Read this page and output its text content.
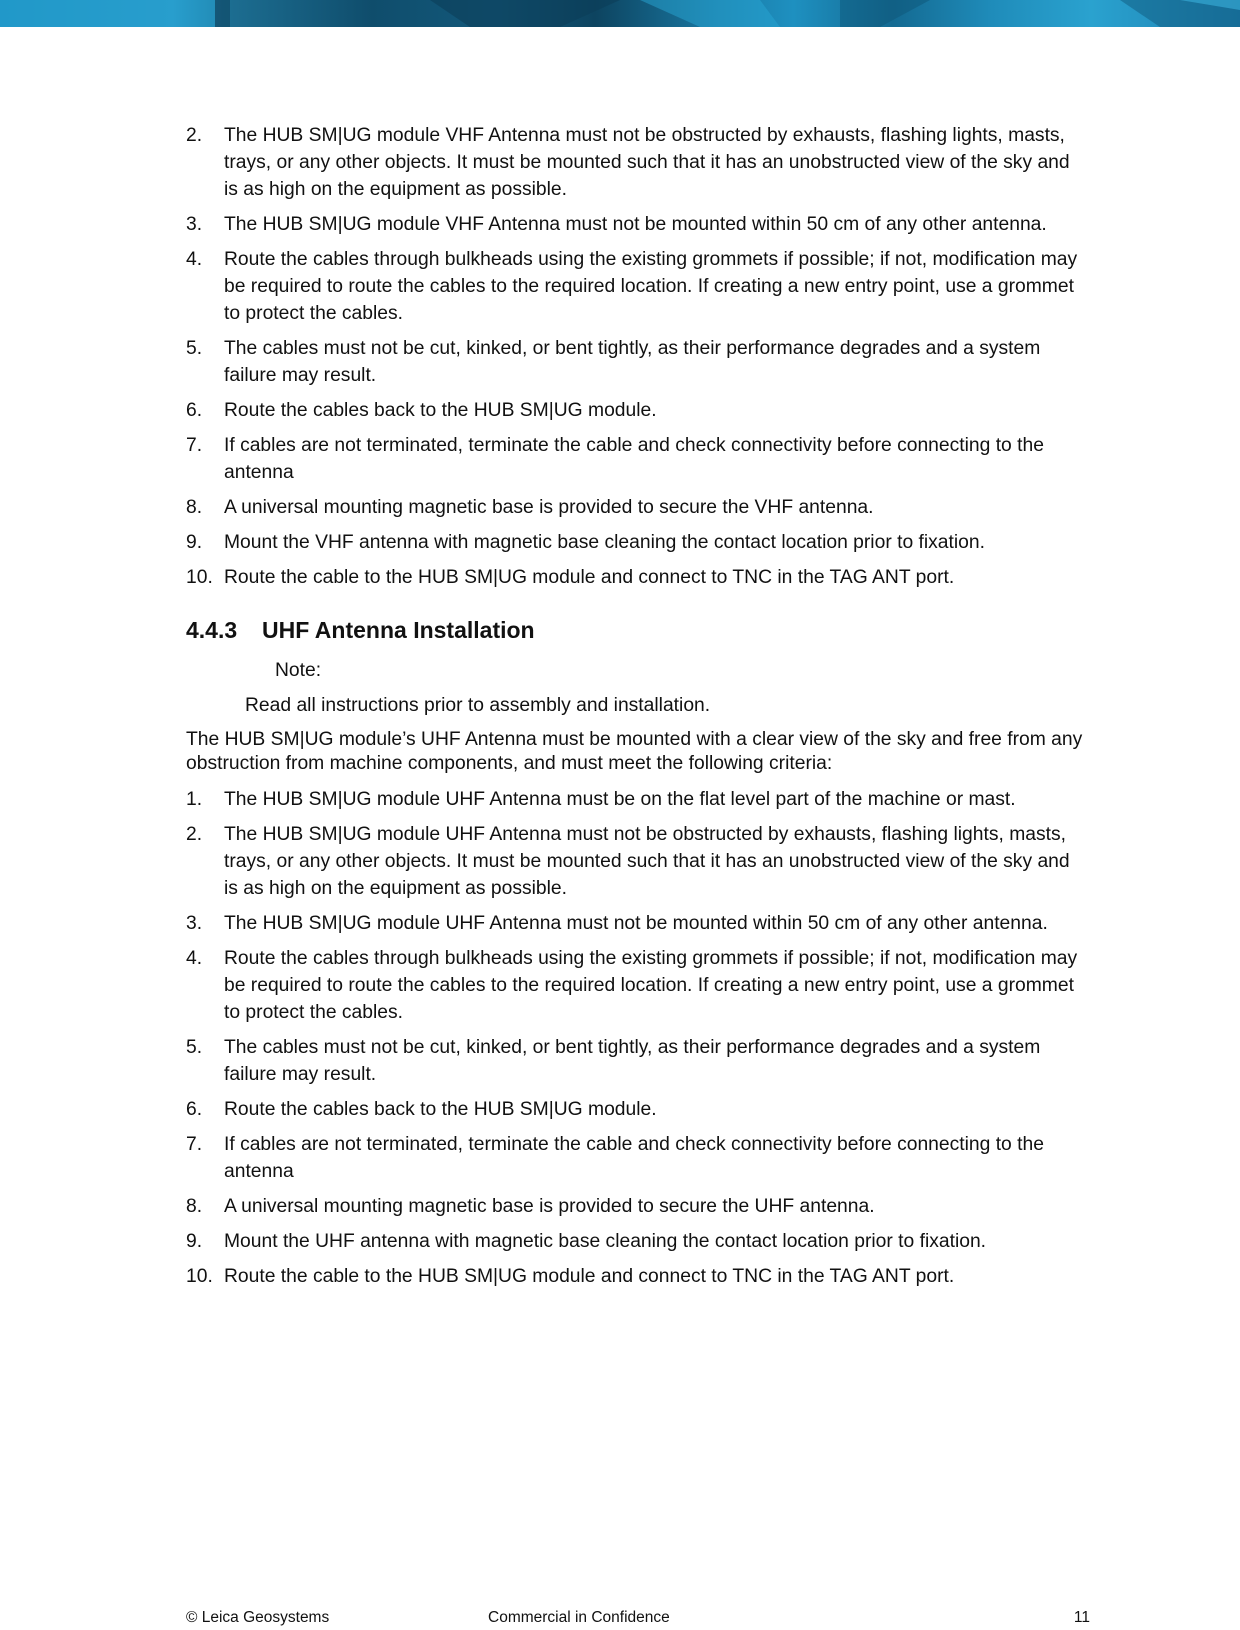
2. The HUB SM|UG module VHF Antenna must not be obstructed by exhausts, flashing lights, masts, trays, or any other objects. It must be mounted such that it has an unobstructed view of the sky and is as high on the equipment as possible.
3. The HUB SM|UG module VHF Antenna must not be mounted within 50 cm of any other antenna.
4. Route the cables through bulkheads using the existing grommets if possible; if not, modification may be required to route the cables to the required location. If creating a new entry point, use a grommet to protect the cables.
5. The cables must not be cut, kinked, or bent tightly, as their performance degrades and a system failure may result.
6. Route the cables back to the HUB SM|UG module.
7. If cables are not terminated, terminate the cable and check connectivity before connecting to the antenna
8. A universal mounting magnetic base is provided to secure the VHF antenna.
9. Mount the VHF antenna with magnetic base cleaning the contact location prior to fixation.
10. Route the cable to the HUB SM|UG module and connect to TNC in the TAG ANT port.
4.4.3 UHF Antenna Installation
Note:
Read all instructions prior to assembly and installation.

The HUB SM|UG module’s UHF Antenna must be mounted with a clear view of the sky and free from any obstruction from machine components, and must meet the following criteria:

1. The HUB SM|UG module UHF Antenna must be on the flat level part of the machine or mast.
2. The HUB SM|UG module UHF Antenna must not be obstructed by exhausts, flashing lights, masts, trays, or any other objects. It must be mounted such that it has an unobstructed view of the sky and is as high on the equipment as possible.
3. The HUB SM|UG module UHF Antenna must not be mounted within 50 cm of any other antenna.
4. Route the cables through bulkheads using the existing grommets if possible; if not, modification may be required to route the cables to the required location. If creating a new entry point, use a grommet to protect the cables.
5. The cables must not be cut, kinked, or bent tightly, as their performance degrades and a system failure may result.
6. Route the cables back to the HUB SM|UG module.
7. If cables are not terminated, terminate the cable and check connectivity before connecting to the antenna
8. A universal mounting magnetic base is provided to secure the UHF antenna.
9. Mount the UHF antenna with magnetic base cleaning the contact location prior to fixation.
10. Route the cable to the HUB SM|UG module and connect to TNC in the TAG ANT port.
© Leica Geosystems	Commercial in Confidence	11
